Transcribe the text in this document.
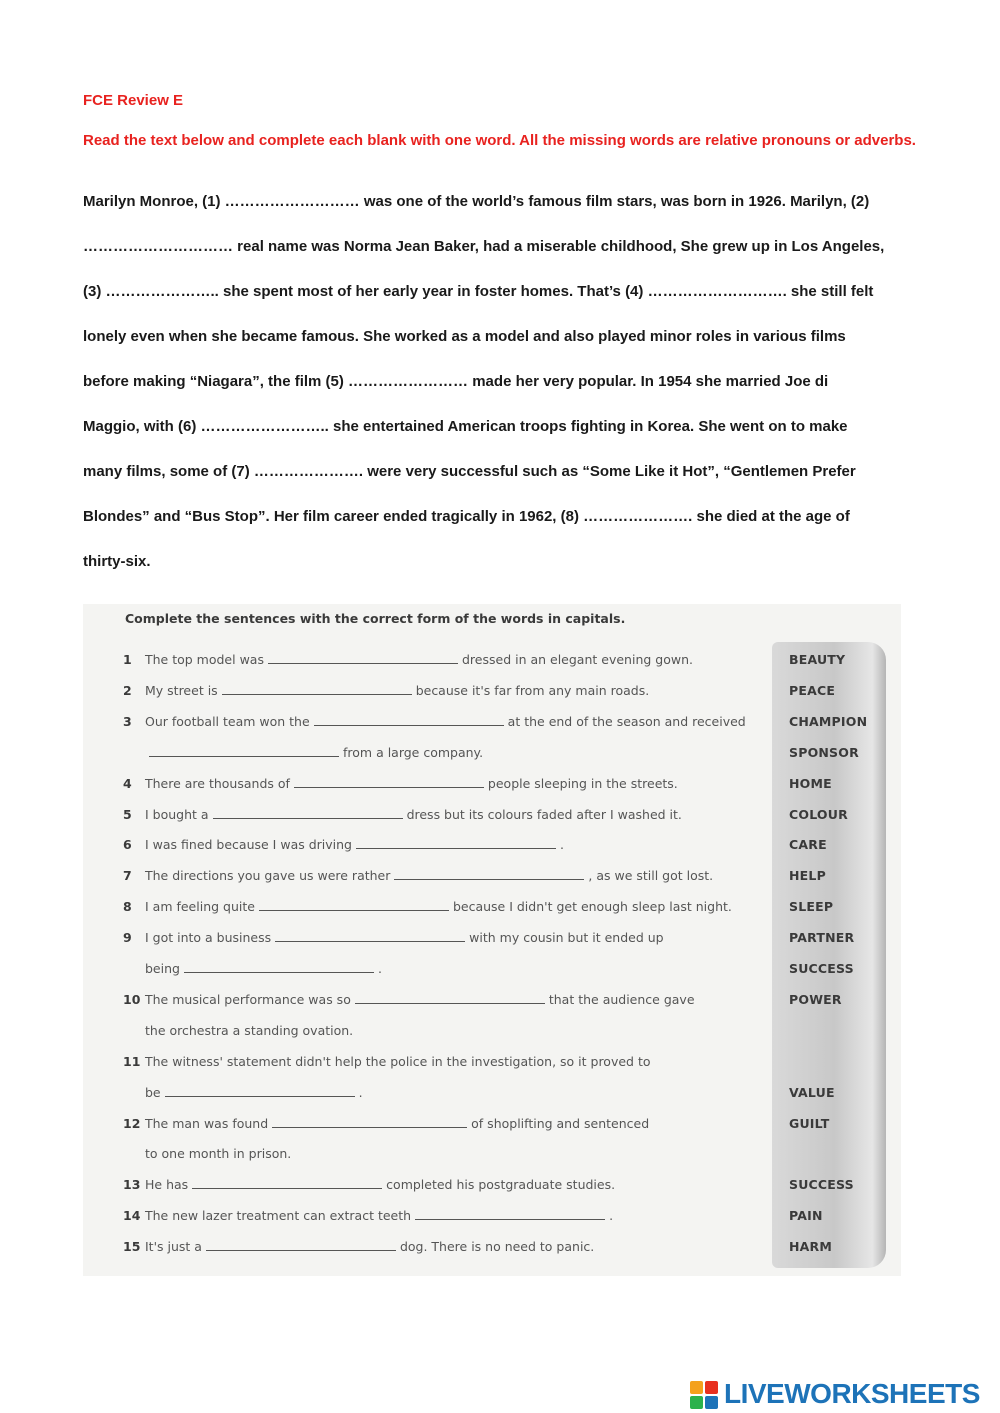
FCE Review E
Read the text below and complete each blank with one word. All the missing words are relative pronouns or adverbs.
Marilyn Monroe, (1) ……………………… was one of the world’s famous film stars, was born in 1926. Marilyn, (2)
………………………… real name was Norma Jean Baker, had a miserable childhood, She grew up in Los Angeles,
(3) ………………….. she spent most of her early year in foster homes. That’s (4) ………………………. she still felt
lonely even when she became famous. She worked as a model and also played minor roles in various films
before making “Niagara”, the film (5) …………………… made her very popular. In 1954 she married Joe di
Maggio, with (6) …………………….. she entertained American troops fighting in Korea. She went on to make
many films, some of (7) …………………. were very successful such as “Some Like it Hot”, “Gentlemen Prefer
Blondes” and “Bus Stop”. Her film career ended tragically in 1962, (8) …………………. she died at the age of
thirty-six.
Complete the sentences with the correct form of the words in capitals.
1 The top model was	dressed in an elegant evening gown.	BEAUTY
2 My street is	because it's far from any main roads.	PEACE
3 Our football team won the	at the end of the season and received	CHAMPION
from a large company.	SPONSOR
4 There are thousands of	people sleeping in the streets.	HOME
5 I bought a	dress but its colours faded after I washed it.	COLOUR
6 I was fined because I was driving	.	CARE
7 The directions you gave us were rather	, as we still got lost.	HELP
8 I am feeling quite	because I didn't get enough sleep last night.	SLEEP
9 I got into a business	with my cousin but it ended up	PARTNER
being	.	SUCCESS
10 The musical performance was so	that the audience gave	POWER
the orchestra a standing ovation.
11 The witness' statement didn't help the police in the investigation, so it proved to
be	.	VALUE
12 The man was found	of shoplifting and sentenced	GUILT
to one month in prison.
13 He has	completed his postgraduate studies.	SUCCESS
14 The new lazer treatment can extract teeth	.	PAIN
15 It's just a	dog. There is no need to panic.	HARM
LIVEWORKSHEETS
